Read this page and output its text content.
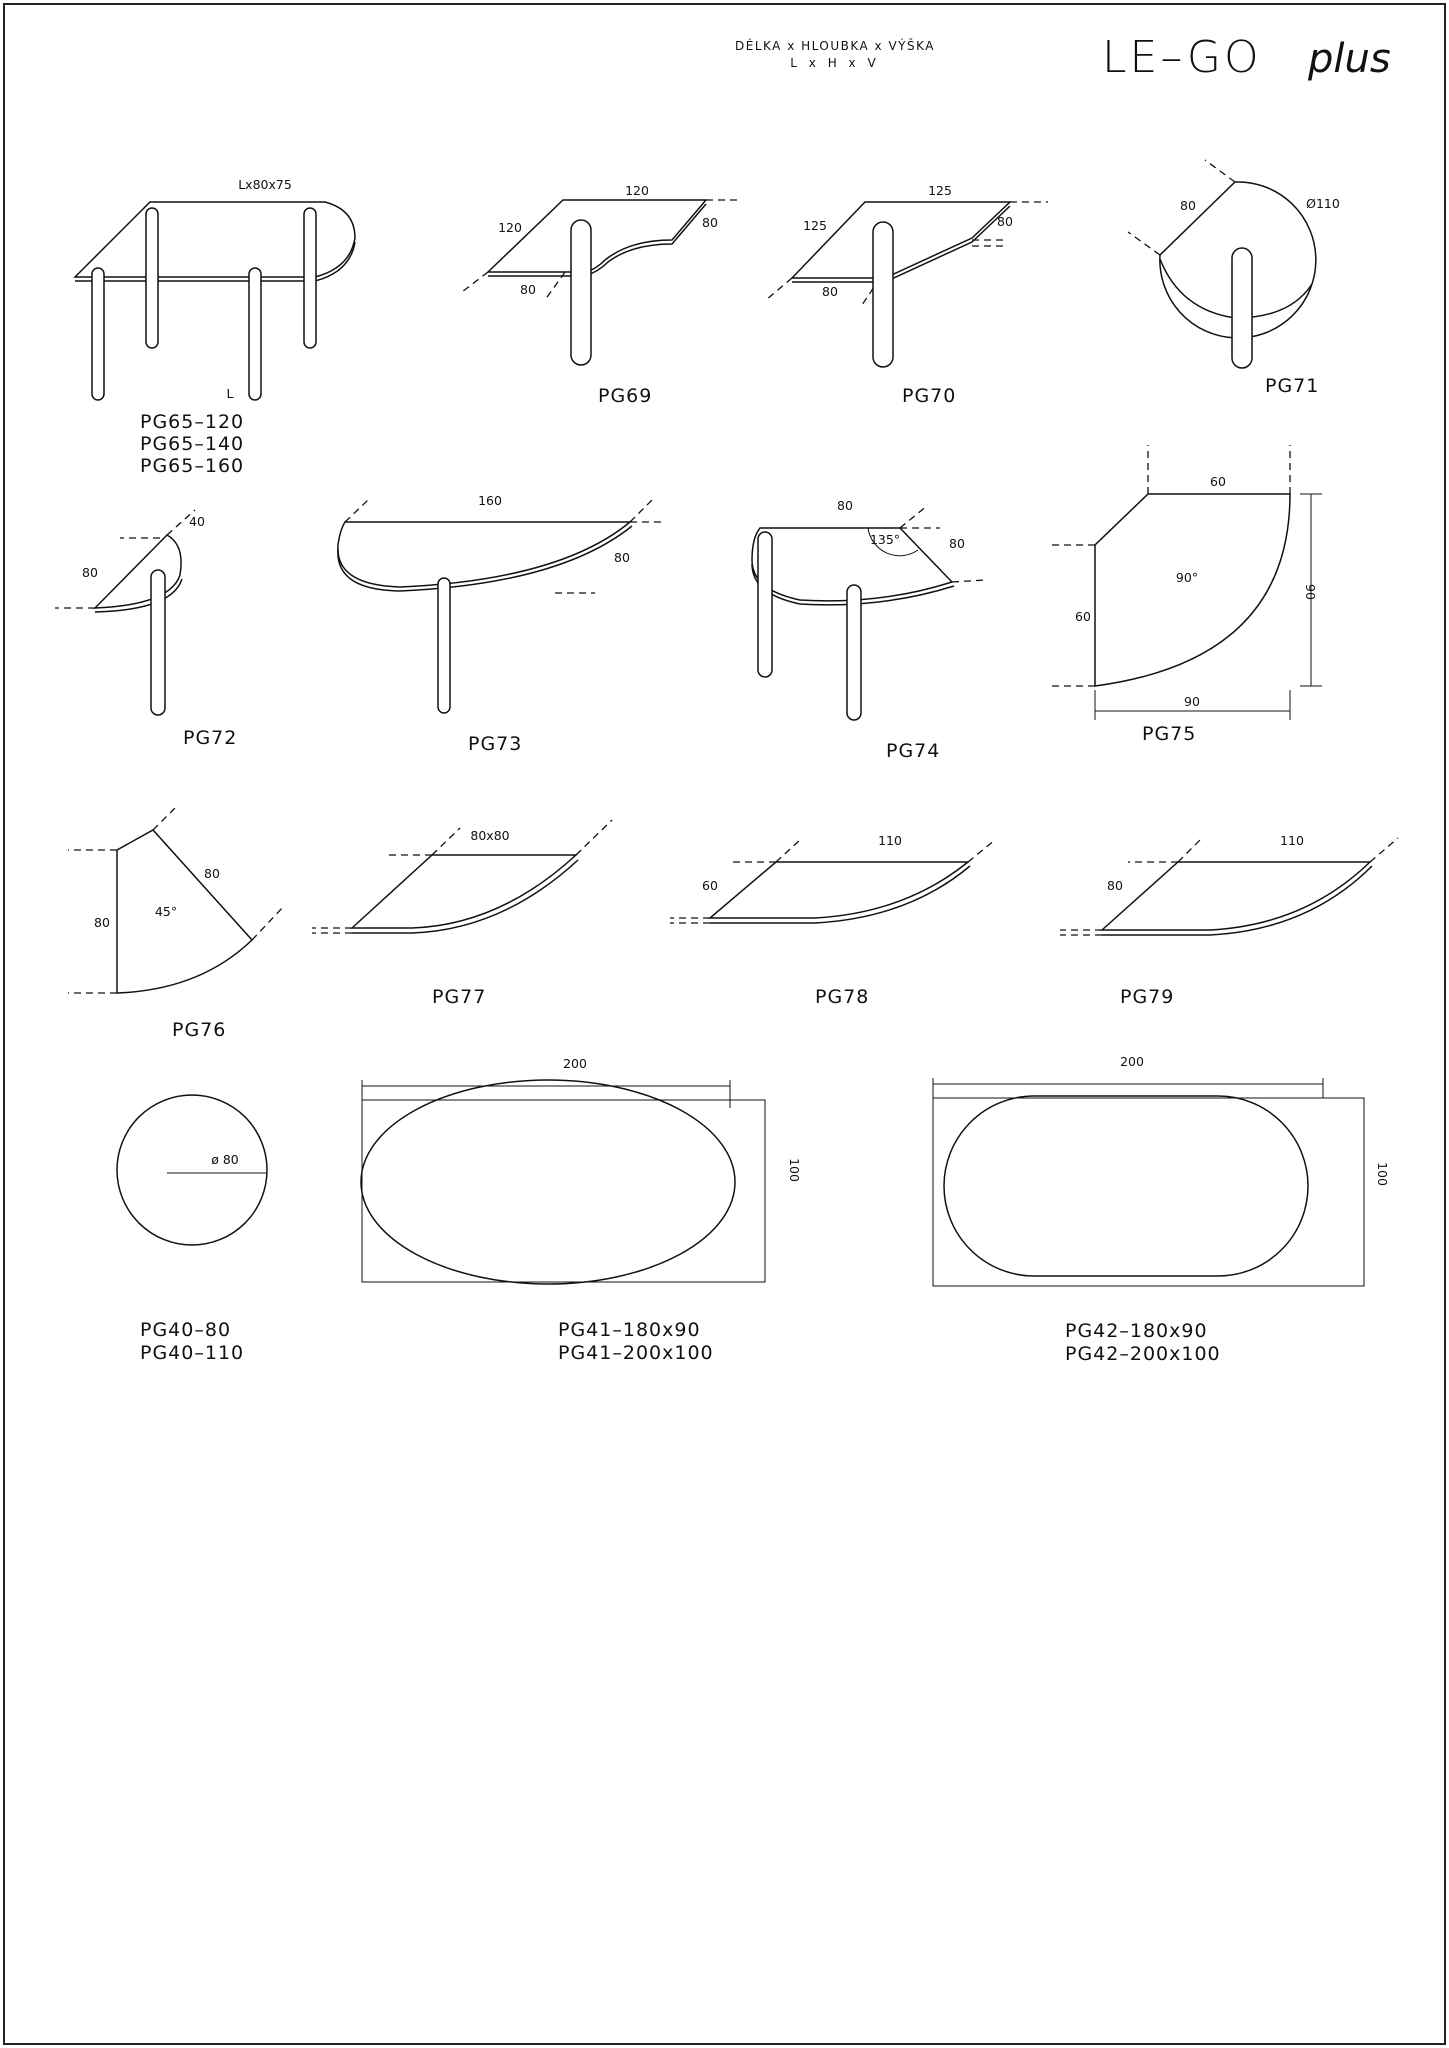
DÉLKA x HLOUBKA x VÝŠKA
L x H x V	LE–GO plus
Lx80x75
L
PG65–120
PG65–140
PG65–160
120
120	80
80
PG69
125
125	80
80
PG70
80	Ø110
PG71
40
80
PG72
160
80
PG73
80
80
135°
PG74
60
60
90°
90
90
PG75
80
80
45°
PG76
80x80
PG77
110
60
PG78
110
80
PG79
ø 80
PG40–80
PG40–110
200
100
PG41–180x90
PG41–200x100
200
100
PG42–180x90
PG42–200x100
